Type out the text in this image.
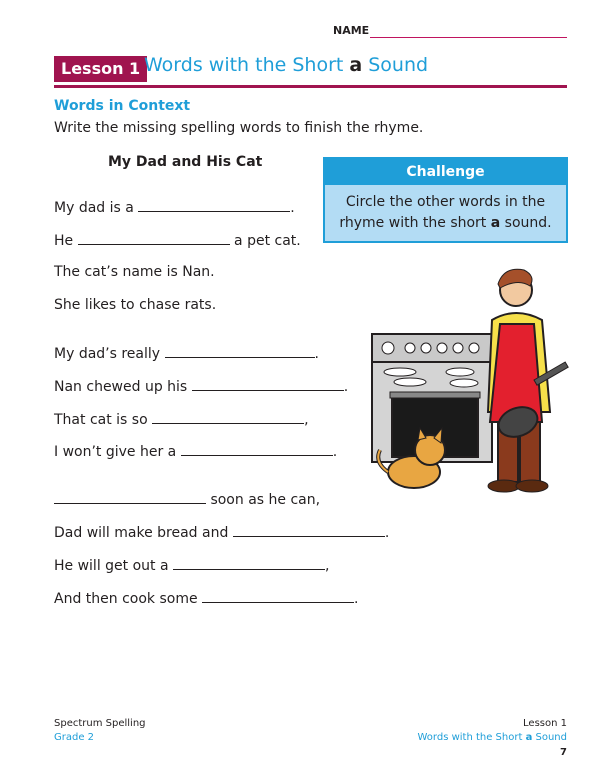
NAME
Lesson 1 Words with the Short a Sound
Words in Context
Write the missing spelling words to finish the rhyme.
My Dad and His Cat
My dad is a	.
He	a pet cat.
The cat’s name is Nan.
She likes to chase rats.
My dad’s really	.
Nan chewed up his	.
That cat is so	,
I won’t give her a	.
soon as he can,
Dad will make bread and	.
He will get out a	,
And then cook some	.
Challenge
Circle the other words in the rhyme with the short a sound.
Spectrum Spelling
Grade 2
Lesson 1
Words with the Short a Sound
7
